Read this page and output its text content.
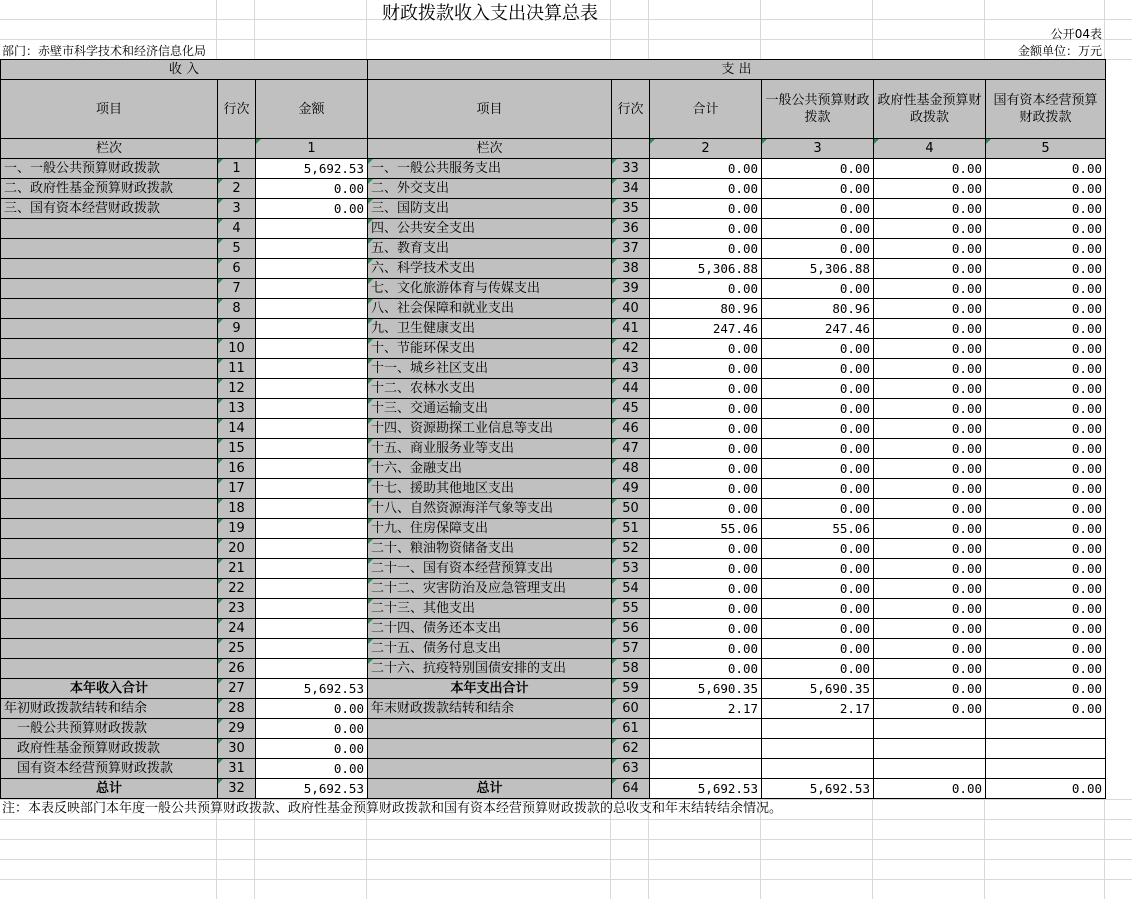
财政拨款收入支出决算总表
公开04表
部门：赤壁市科学技术和经济信息化局	金额单位：万元
收 入			支 出					
项目	行次	金额	项目	行次	合计	一般公共预算财政拨款	政府性基金预算财政拨款	国有资本经营预算财政拨款
栏次		1	栏次		2	3	4	5
一、一般公共预算财政拨款	1	5,692.53	一、一般公共服务支出	33	0.00	0.00	0.00	0.00
二、政府性基金预算财政拨款	2	0.00	二、外交支出	34	0.00	0.00	0.00	0.00
三、国有资本经营财政拨款	3	0.00	三、国防支出	35	0.00	0.00	0.00	0.00
	4		四、公共安全支出	36	0.00	0.00	0.00	0.00
	5		五、教育支出	37	0.00	0.00	0.00	0.00
	6		六、科学技术支出	38	5,306.88	5,306.88	0.00	0.00
	7		七、文化旅游体育与传媒支出	39	0.00	0.00	0.00	0.00
	8		八、社会保障和就业支出	40	80.96	80.96	0.00	0.00
	9		九、卫生健康支出	41	247.46	247.46	0.00	0.00
	10		十、节能环保支出	42	0.00	0.00	0.00	0.00
	11		十一、城乡社区支出	43	0.00	0.00	0.00	0.00
	12		十二、农林水支出	44	0.00	0.00	0.00	0.00
	13		十三、交通运输支出	45	0.00	0.00	0.00	0.00
	14		十四、资源勘探工业信息等支出	46	0.00	0.00	0.00	0.00
	15		十五、商业服务业等支出	47	0.00	0.00	0.00	0.00
	16		十六、金融支出	48	0.00	0.00	0.00	0.00
	17		十七、援助其他地区支出	49	0.00	0.00	0.00	0.00
	18		十八、自然资源海洋气象等支出	50	0.00	0.00	0.00	0.00
	19		十九、住房保障支出	51	55.06	55.06	0.00	0.00
	20		二十、粮油物资储备支出	52	0.00	0.00	0.00	0.00
	21		二十一、国有资本经营预算支出	53	0.00	0.00	0.00	0.00
	22		二十二、灾害防治及应急管理支出	54	0.00	0.00	0.00	0.00
	23		二十三、其他支出	55	0.00	0.00	0.00	0.00
	24		二十四、债务还本支出	56	0.00	0.00	0.00	0.00
	25		二十五、债务付息支出	57	0.00	0.00	0.00	0.00
	26		二十六、抗疫特别国债安排的支出	58	0.00	0.00	0.00	0.00
本年收入合计	27	5,692.53	本年支出合计	59	5,690.35	5,690.35	0.00	0.00
年初财政拨款结转和结余	28	0.00	年末财政拨款结转和结余	60	2.17	2.17	0.00	0.00
一般公共预算财政拨款	29	0.00		61				
政府性基金预算财政拨款	30	0.00		62				
国有资本经营预算财政拨款	31	0.00		63				
总计	32	5,692.53	总计	64	5,692.53	5,692.53	0.00	0.00
注：本表反映部门本年度一般公共预算财政拨款、政府性基金预算财政拨款和国有资本经营预算财政拨款的总收支和年末结转结余情况。
